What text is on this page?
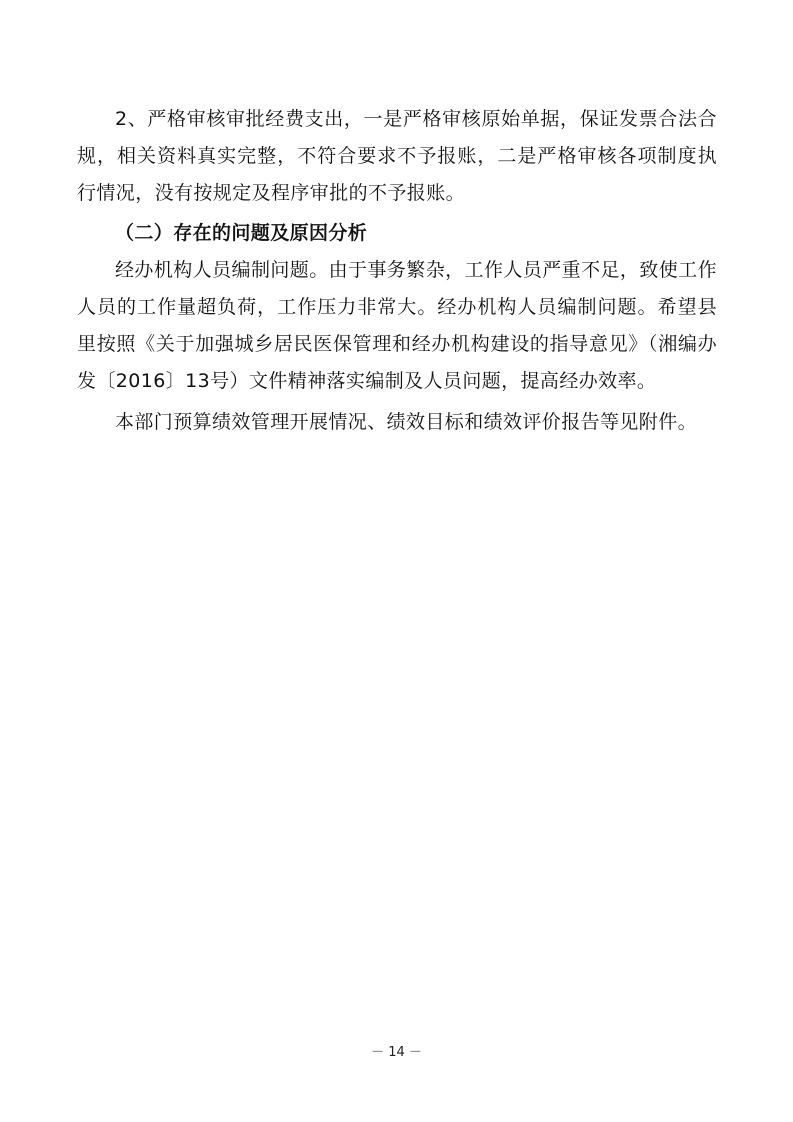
2、严格审核审批经费支出，一是严格审核原始单据，保证发票合法合规，相关资料真实完整，不符合要求不予报账，二是严格审核各项制度执行情况，没有按规定及程序审批的不予报账。

（二）存在的问题及原因分析

经办机构人员编制问题。由于事务繁杂，工作人员严重不足，致使工作人员的工作量超负荷，工作压力非常大。经办机构人员编制问题。希望县里按照《关于加强城乡居民医保管理和经办机构建设的指导意见》（湘编办发〔2016〕13号）文件精神落实编制及人员问题，提高经办效率。

本部门预算绩效管理开展情况、绩效目标和绩效评价报告等见附件。

－ 14 －
